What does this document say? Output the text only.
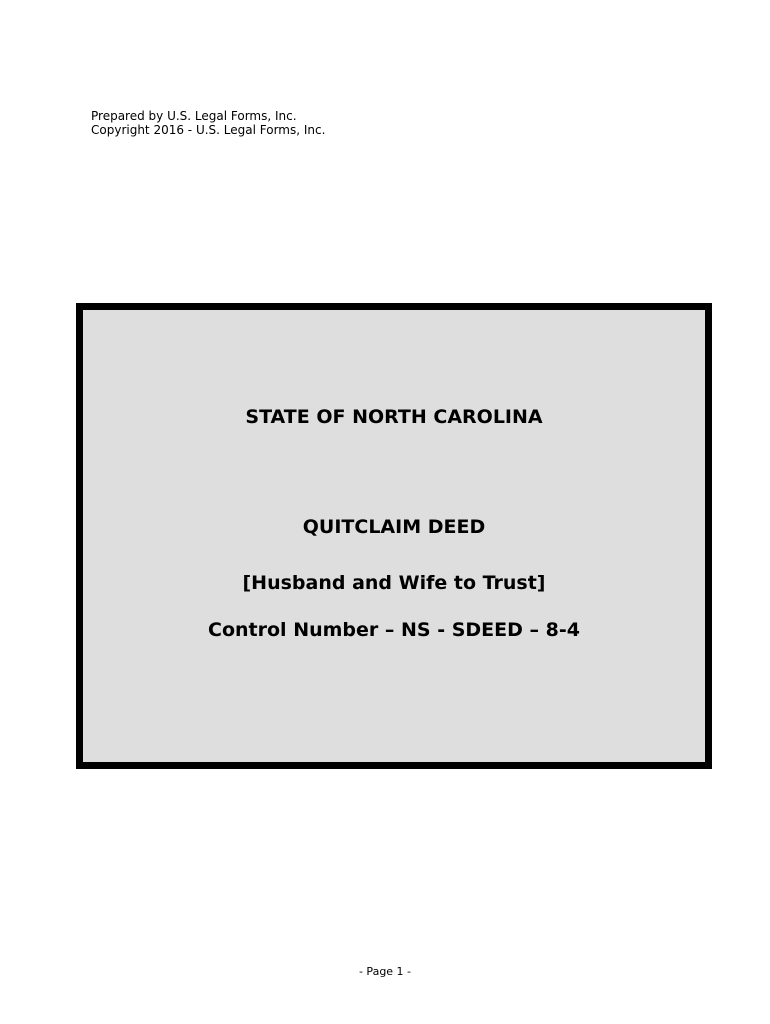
Prepared by U.S. Legal Forms, Inc.
Copyright 2016 - U.S. Legal Forms, Inc.
STATE OF NORTH CAROLINA
QUITCLAIM DEED
[Husband and Wife to Trust]
Control Number – NS - SDEED – 8-4
- Page 1 -
